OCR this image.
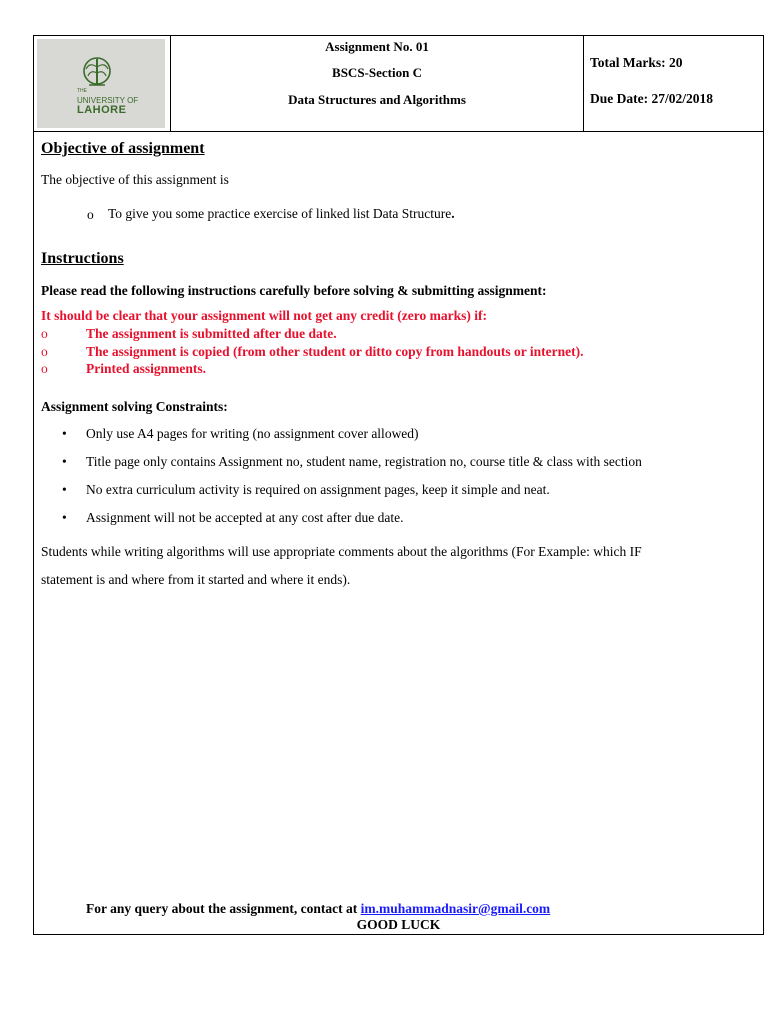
THE
UNIVERSITY OF
LAHORE
Assignment No. 01
BSCS-Section C
Data Structures and Algorithms
Total Marks: 20
Due Date: 27/02/2018
Objective of assignment
The objective of this assignment is
o To give you some practice exercise of linked list Data Structure.
Instructions
Please read the following instructions carefully before solving & submitting assignment:
It should be clear that your assignment will not get any credit (zero marks) if:
o	The assignment is submitted after due date.
o	The assignment is copied (from other student or ditto copy from handouts or internet).
o	Printed assignments.
Assignment solving Constraints:
• Only use A4 pages for writing (no assignment cover allowed)
• Title page only contains Assignment no, student name, registration no, course title & class with section
• No extra curriculum activity is required on assignment pages, keep it simple and neat.
• Assignment will not be accepted at any cost after due date.
Students while writing algorithms will use appropriate comments about the algorithms (For Example: which IF
statement is and where from it started and where it ends).
For any query about the assignment, contact at im.muhammadnasir@gmail.com
GOOD LUCK
